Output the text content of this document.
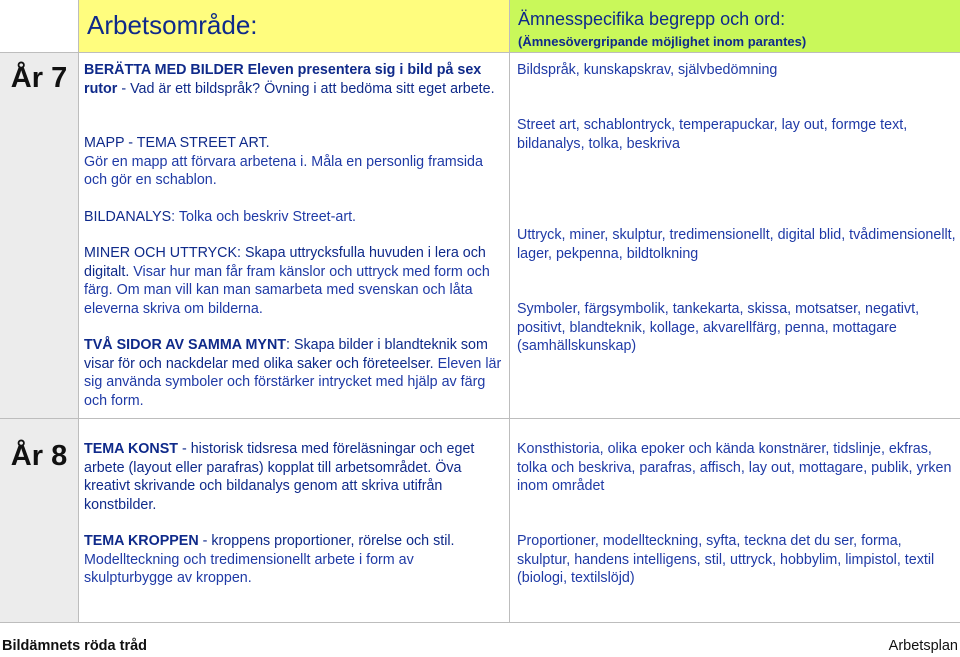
Arbetsområde:	Ämnesspecifika begrepp och ord:
(Ämnesövergripande möjlighet inom parantes)
År 7
År 8
BERÄTTA MED BILDER Eleven presentera sig i bild på sex rutor - Vad är ett bildspråk? Övning i att bedöma sitt eget arbete.
MAPP - TEMA STREET ART.
Gör en mapp att förvara arbetena i. Måla en personlig framsida och gör en schablon.
BILDANALYS: Tolka och beskriv Street-art.
MINER OCH UTTRYCK: Skapa uttrycksfulla huvuden i lera och digitalt. Visar hur man får fram känslor och uttryck med form och färg. Om man vill kan man samarbeta med svenskan och låta eleverna skriva om bilderna.
TVÅ SIDOR AV SAMMA MYNT: Skapa bilder i blandteknik som visar för och nackdelar med olika saker och företeelser. Eleven lär sig använda symboler och förstärker intrycket med hjälp av färg och form.
Bildspråk, kunskapskrav, självbedömning
Street art, schablontryck, temperapuckar, lay out, formge text, bildanalys, tolka, beskriva
Uttryck, miner, skulptur, tredimensionellt, digital blid, tvådimensionellt, lager, pekpenna, bildtolkning
Symboler, färgsymbolik, tankekarta, skissa, motsatser, negativt, positivt, blandteknik, kollage, akvarellfärg, penna, mottagare (samhällskunskap)
TEMA KONST - historisk tidsresa med föreläsningar och eget arbete (layout eller parafras) kopplat till arbetsområdet. Öva kreativt skrivande och bildanalys genom att skriva utifrån konstbilder.
TEMA KROPPEN - kroppens proportioner, rörelse och stil. Modellteckning och tredimensionellt arbete i form av skulpturbygge av kroppen.
Konsthistoria, olika epoker och kända konstnärer, tidslinje, ekfras, tolka och beskriva, parafras, affisch, lay out, mottagare, publik, yrken inom området
Proportioner, modellteckning, syfta, teckna det du ser, forma, skulptur, handens intelligens, stil, uttryck, hobbylim, limpistol, textil (biologi, textilslöjd)
Bildämnets röda tråd	Arbetsplan
